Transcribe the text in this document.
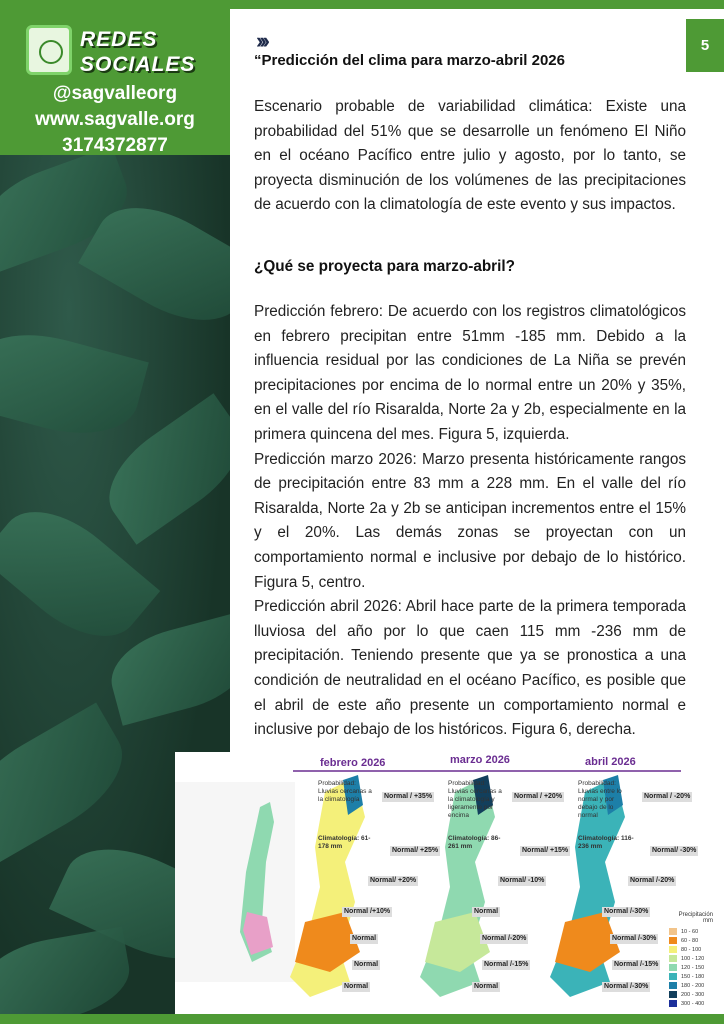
REDES
SOCIALES
@sagvalleorg
www.sagvalle.org
3174372877
5
›››
“Predicción del clima para marzo-abril 2026
Escenario probable de variabilidad climática: Existe una probabilidad del 51% que se desarrolle un fenómeno El Niño en el océano Pacífico entre julio y agosto, por lo tanto, se proyecta disminución de los volúmenes de las precipitaciones de acuerdo con la climatología de este evento y sus impactos.
¿Qué se proyecta para marzo-abril?

Predicción febrero: De acuerdo con los registros climatológicos en febrero precipitan entre 51mm -185 mm. Debido a la influencia residual por las condiciones de La Niña se prevén precipitaciones por encima de lo normal entre un 20% y 35%, en el valle del río Risaralda, Norte 2a y 2b, especialmente en la primera quincena del mes. Figura 5, izquierda.

Predicción marzo 2026: Marzo presenta históricamente rangos de precipitación entre 83 mm a 228 mm. En el valle del río Risaralda, Norte 2a y 2b se anticipan incrementos entre el 15% y el 20%. Las demás zonas se proyectan con un comportamiento normal e inclusive por debajo de lo histórico. Figura 5, centro.

Predicción abril 2026: Abril hace parte de la primera temporada lluviosa del año por lo que caen 115 mm -236 mm de precipitación. Teniendo presente que ya se pronostica a una condición de neutralidad en el océano Pacífico, es posible que el abril de este año presente un comportamiento normal e inclusive por debajo de los históricos. Figura 6, derecha.

febrero 2026	marzo 2026	abril 2026
Probabilidad: Lluvias cercanas a la climatología
Probabilidad: Lluvias cercanas a la climatología y ligeramente por encima
Probabilidad: Lluvias entre lo normal y por debajo de lo normal
Climatología: 61-178 mm
Climatología: 86-261 mm
Climatología: 116-236 mm
Normal / +35%
Normal/ +25%
Normal/ +20%
Normal /+10%
Normal
Normal
Normal
Normal / +20%
Normal/ +15%
Normal/ -10%
Normal
Normal /-20%
Normal /-15%
Normal
Normal / -20%
Normal/ -30%
Normal /-20%
Normal /-30%
Normal /-30%
Normal /-15%
Normal /-30%
Precipitación mm
10 - 60
60 - 80
80 - 100
100 - 120
120 - 150
150 - 180
180 - 200
200 - 300
300 - 400
